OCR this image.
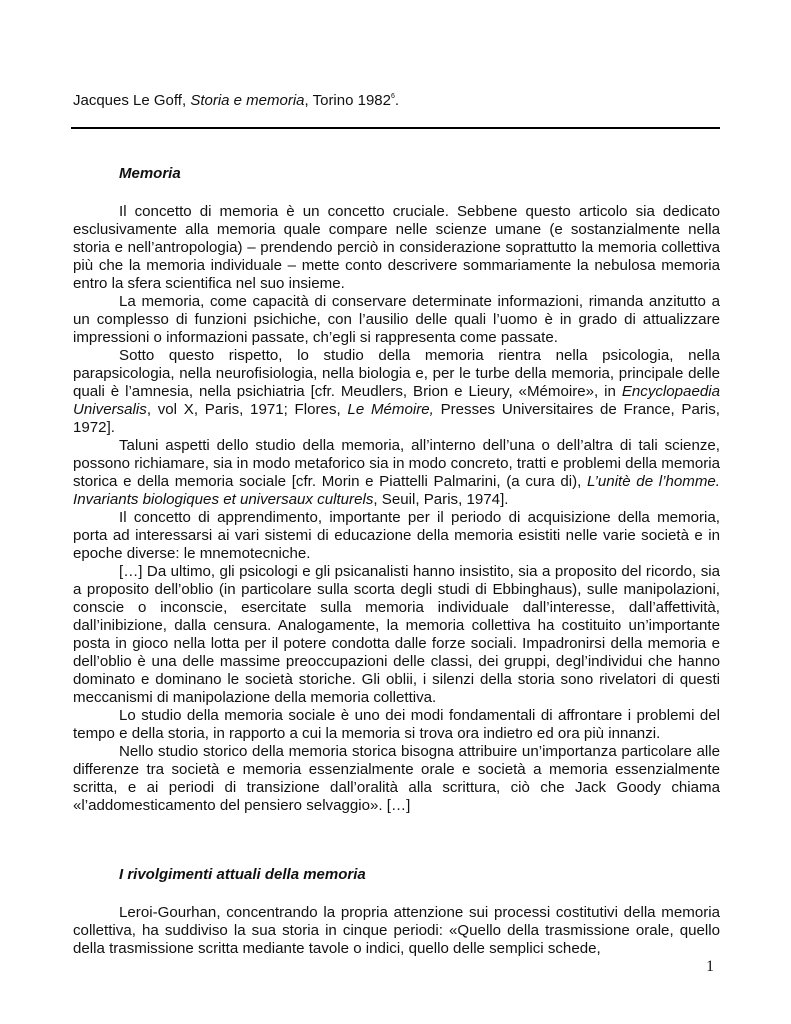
Jacques Le Goff, Storia e memoria, Torino 1982$^6$.
Memoria

Il concetto di memoria è un concetto cruciale. Sebbene questo articolo sia dedicato esclusivamente alla memoria quale compare nelle scienze umane (e sostanzialmente nella storia e nell’antropologia) – prendendo perciò in considerazione soprattutto la memoria collettiva più che la memoria individuale – mette conto descrivere sommariamente la nebulosa memoria entro la sfera scientifica nel suo insieme.

La memoria, come capacità di conservare determinate informazioni, rimanda anzitutto a un complesso di funzioni psichiche, con l’ausilio delle quali l’uomo è in grado di attualizzare impressioni o informazioni passate, ch’egli si rappresenta come passate.

Sotto questo rispetto, lo studio della memoria rientra nella psicologia, nella parapsicologia, nella neurofisiologia, nella biologia e, per le turbe della memoria, principale delle quali è l’amnesia, nella psichiatria [cfr. Meudlers, Brion e Lieury, «Mémoire», in Encyclopaedia Universalis, vol X, Paris, 1971; Flores, Le Mémoire, Presses Universitaires de France, Paris, 1972].

Taluni aspetti dello studio della memoria, all’interno dell’una o dell’altra di tali scienze, possono richiamare, sia in modo metaforico sia in modo concreto, tratti e problemi della memoria storica e della memoria sociale [cfr. Morin e Piattelli Palmarini, (a cura di), L’unitè de l’homme. Invariants biologiques et universaux culturels, Seuil, Paris, 1974].

Il concetto di apprendimento, importante per il periodo di acquisizione della memoria, porta ad interessarsi ai vari sistemi di educazione della memoria esistiti nelle varie società e in epoche diverse: le mnemotecniche.

[…] Da ultimo, gli psicologi e gli psicanalisti hanno insistito, sia a proposito del ricordo, sia a proposito dell’oblio (in particolare sulla scorta degli studi di Ebbinghaus), sulle manipolazioni, conscie o inconscie, esercitate sulla memoria individuale dall’interesse, dall’affettività, dall’inibizione, dalla censura. Analogamente, la memoria collettiva ha costituito un’importante posta in gioco nella lotta per il potere condotta dalle forze sociali. Impadronirsi della memoria e dell’oblio è una delle massime preoccupazioni delle classi, dei gruppi, degl’individui che hanno dominato e dominano le società storiche. Gli oblii, i silenzi della storia sono rivelatori di questi meccanismi di manipolazione della memoria collettiva.

Lo studio della memoria sociale è uno dei modi fondamentali di affrontare i problemi del tempo e della storia, in rapporto a cui la memoria si trova ora indietro ed ora più innanzi.

Nello studio storico della memoria storica bisogna attribuire un’importanza particolare alle differenze tra società e memoria essenzialmente orale e società a memoria essenzialmente scritta, e ai periodi di transizione dall’oralità alla scrittura, ciò che Jack Goody chiama «l’addomesticamento del pensiero selvaggio». […]

I rivolgimenti attuali della memoria

Leroi-Gourhan, concentrando la propria attenzione sui processi costitutivi della memoria collettiva, ha suddiviso la sua storia in cinque periodi: «Quello della trasmissione orale, quello della trasmissione scritta mediante tavole o indici, quello delle semplici schede,

1
